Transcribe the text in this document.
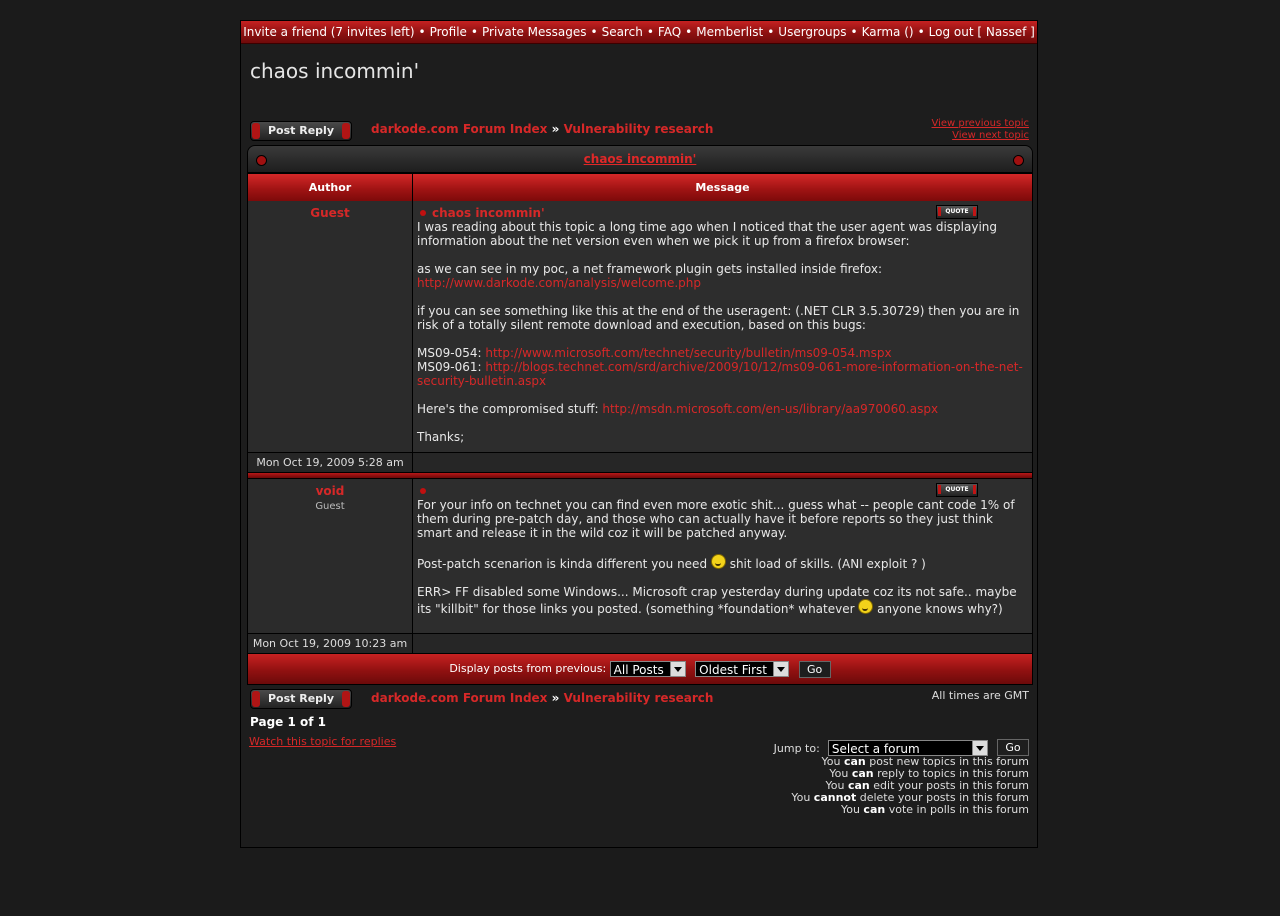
Invite a friend (7 invites left) • Profile • Private Messages • Search • FAQ • Memberlist • Usergroups • Karma () • Log out [ Nassef ]
chaos incommin'
Post Reply	darkode.com Forum Index » Vulnerability research	View previous topic
View next topic
chaos incommin'
Author	Message
Guest	QUOTE
chaos incommin'

I was reading about this topic a long time ago when I noticed that the user agent was displaying information about the net version even when we pick it up from a firefox browser:

as we can see in my poc, a net framework plugin gets installed inside firefox:
http://www.darkode.com/analysis/welcome.php

if you can see something like this at the end of the useragent: (.NET CLR 3.5.30729) then you are in risk of a totally silent remote download and execution, based on this bugs:

MS09-054: http://www.microsoft.com/technet/security/bulletin/ms09-054.mspx
MS09-061: http://blogs.technet.com/srd/archive/2009/10/12/ms09-061-more-information-on-the-net-security-bulletin.aspx

Here's the compromised stuff: http://msdn.microsoft.com/en-us/library/aa970060.aspx

Thanks;

Mon Oct 19, 2009 5:28 am
void
Guest
QUOTE

For your info on technet you can find even more exotic shit... guess what -- people cant code 1% of them during pre-patch day, and those who can actually have it before reports so they just think smart and release it in the wild coz it will be patched anyway.

Post-patch scenarion is kinda different you need  shit load of skills. (ANI exploit ? )

ERR> FF disabled some Windows... Microsoft crap yesterday during update coz its not safe.. maybe its "killbit" for those links you posted. (something *foundation* whatever  anyone knows why?)

Mon Oct 19, 2009 10:23 am
Display posts from previous: All Posts	Oldest First	Go
Post Reply	darkode.com Forum Index » Vulnerability research	All times are GMT
Page 1 of 1
Watch this topic for replies
Jump to: Select a forum	Go
You can post new topics in this forum
You can reply to topics in this forum
You can edit your posts in this forum
You cannot delete your posts in this forum
You can vote in polls in this forum
